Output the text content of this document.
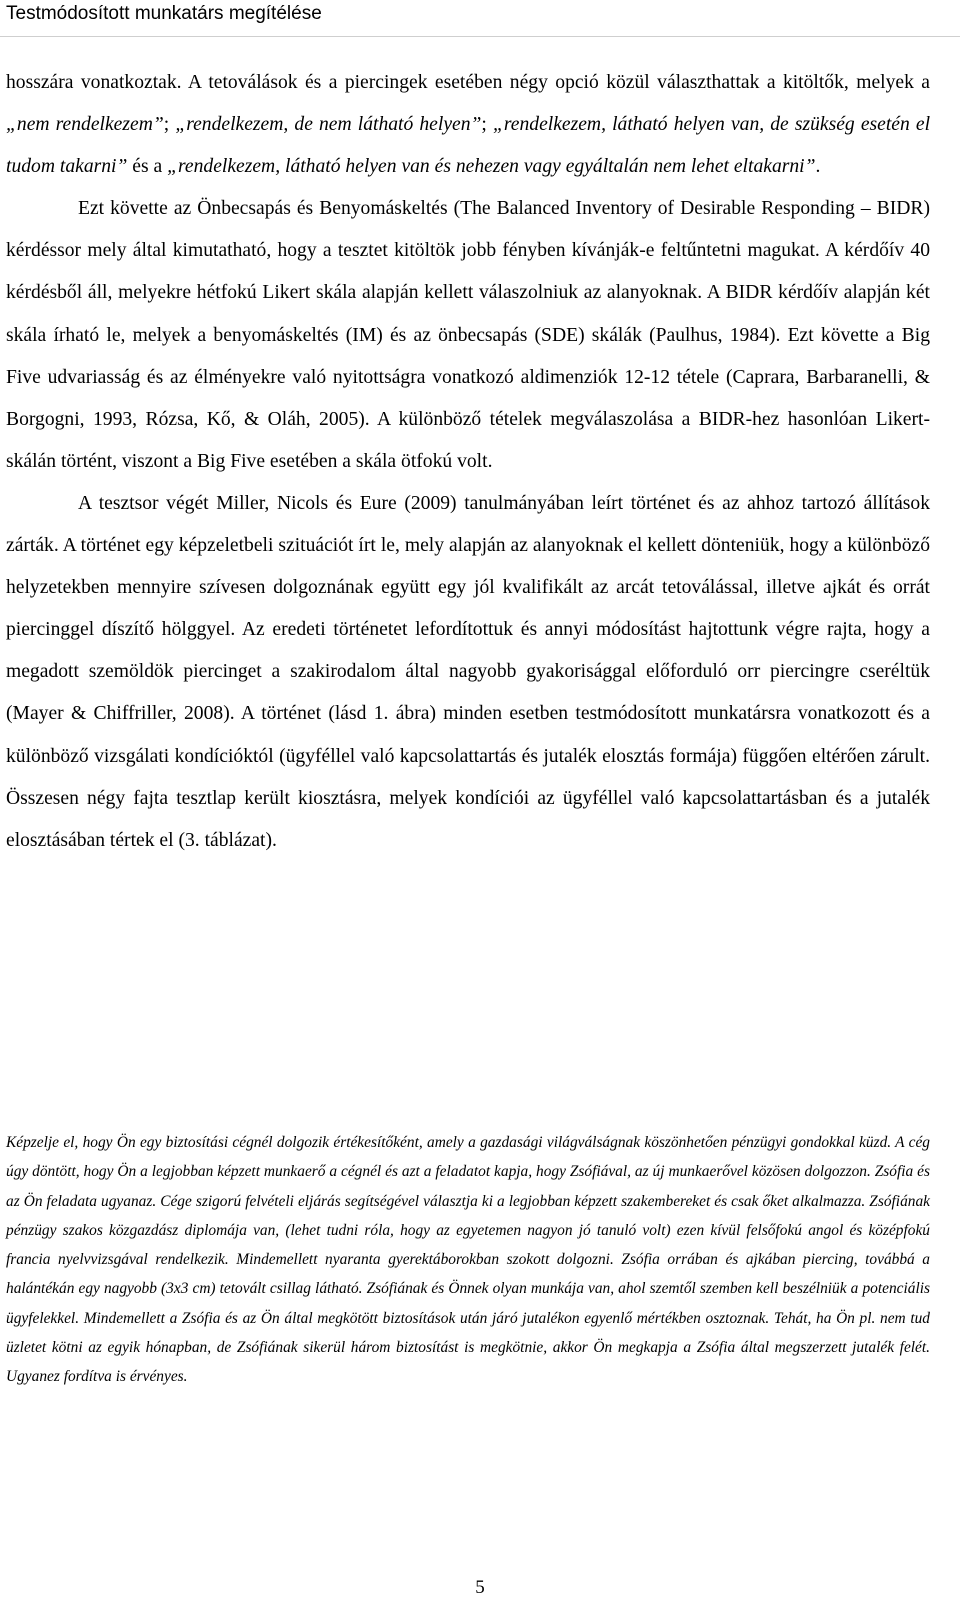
Testmódosított munkatárs megítélése

hosszára vonatkoztak. A tetoválások és a piercingek esetében négy opció közül választhattak a kitöltők, melyek a „nem rendelkezem”; „rendelkezem, de nem látható helyen”; „rendelkezem, látható helyen van, de szükség esetén el tudom takarni” és a „rendelkezem, látható helyen van és nehezen vagy egyáltalán nem lehet eltakarni”.

Ezt követte az Önbecsapás és Benyomáskeltés (The Balanced Inventory of Desirable Responding – BIDR) kérdéssor mely által kimutatható, hogy a tesztet kitöltök jobb fényben kívánják-e feltűntetni magukat. A kérdőív 40 kérdésből áll, melyekre hétfokú Likert skála alapján kellett válaszolniuk az alanyoknak. A BIDR kérdőív alapján két skála írható le, melyek a benyomáskeltés (IM) és az önbecsapás (SDE) skálák (Paulhus, 1984). Ezt követte a Big Five udvariasság és az élményekre való nyitottságra vonatkozó aldimenziók 12-12 tétele (Caprara, Barbaranelli, & Borgogni, 1993, Rózsa, Kő, & Oláh, 2005). A különböző tételek megválaszolása a BIDR-hez hasonlóan Likert-skálán történt, viszont a Big Five esetében a skála ötfokú volt.

A tesztsor végét Miller, Nicols és Eure (2009) tanulmányában leírt történet és az ahhoz tartozó állítások zárták. A történet egy képzeletbeli szituációt írt le, mely alapján az alanyoknak el kellett dönteniük, hogy a különböző helyzetekben mennyire szívesen dolgoznának együtt egy jól kvalifikált az arcát tetoválással, illetve ajkát és orrát piercinggel díszítő hölggyel. Az eredeti történetet lefordítottuk és annyi módosítást hajtottunk végre rajta, hogy a megadott szemöldök piercinget a szakirodalom által nagyobb gyakorisággal előforduló orr piercingre cseréltük (Mayer & Chiffriller, 2008). A történet (lásd 1. ábra) minden esetben testmódosított munkatársra vonatkozott és a különböző vizsgálati kondícióktól (ügyféllel való kapcsolattartás és jutalék elosztás formája) függően eltérően zárult. Összesen négy fajta tesztlap került kiosztásra, melyek kondíciói az ügyféllel való kapcsolattartásban és a jutalék elosztásában tértek el (3. táblázat).

Képzelje el, hogy Ön egy biztosítási cégnél dolgozik értékesítőként, amely a gazdasági világválságnak köszönhetően pénzügyi gondokkal küzd. A cég úgy döntött, hogy Ön a legjobban képzett munkaerő a cégnél és azt a feladatot kapja, hogy Zsófiával, az új munkaerővel közösen dolgozzon. Zsófia és az Ön feladata ugyanaz. Cége szigorú felvételi eljárás segítségével választja ki a legjobban képzett szakembereket és csak őket alkalmazza. Zsófiának pénzügy szakos közgazdász diplomája van, (lehet tudni róla, hogy az egyetemen nagyon jó tanuló volt) ezen kívül felsőfokú angol és középfokú francia nyelvvizsgával rendelkezik. Mindemellett nyaranta gyerektáborokban szokott dolgozni. Zsófia orrában és ajkában piercing, továbbá a halántékán egy nagyobb (3x3 cm) tetovált csillag látható. Zsófiának és Önnek olyan munkája van, ahol szemtől szemben kell beszélniük a potenciális ügyfelekkel. Mindemellett a Zsófia és az Ön által megkötött biztosítások után járó jutalékon egyenlő mértékben osztoznak. Tehát, ha Ön pl. nem tud üzletet kötni az egyik hónapban, de Zsófiának sikerül három biztosítást is megkötnie, akkor Ön megkapja a Zsófia által megszerzett jutalék felét. Ugyanez fordítva is érvényes.

5
